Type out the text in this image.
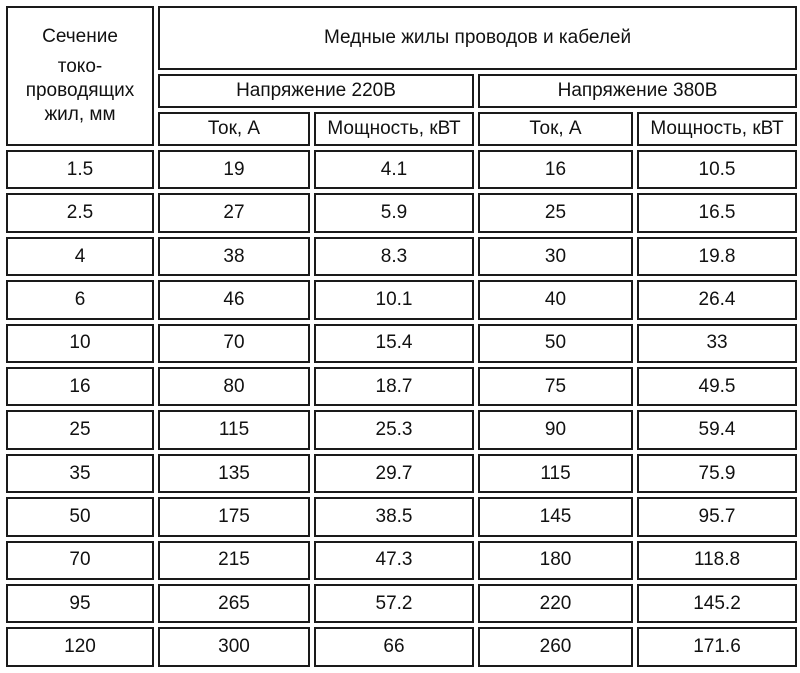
Сечение
токо-
проводящих
жил, мм	Медные жилы проводов и кабелей			
	Напряжение 220В		Напряжение 380В	
	Ток, А	Мощность, кВТ	Ток, А	Мощность, кВТ
1.5	19	4.1	16	10.5
2.5	27	5.9	25	16.5
4	38	8.3	30	19.8
6	46	10.1	40	26.4
10	70	15.4	50	33
16	80	18.7	75	49.5
25	115	25.3	90	59.4
35	135	29.7	115	75.9
50	175	38.5	145	95.7
70	215	47.3	180	118.8
95	265	57.2	220	145.2
120	300	66	260	171.6
